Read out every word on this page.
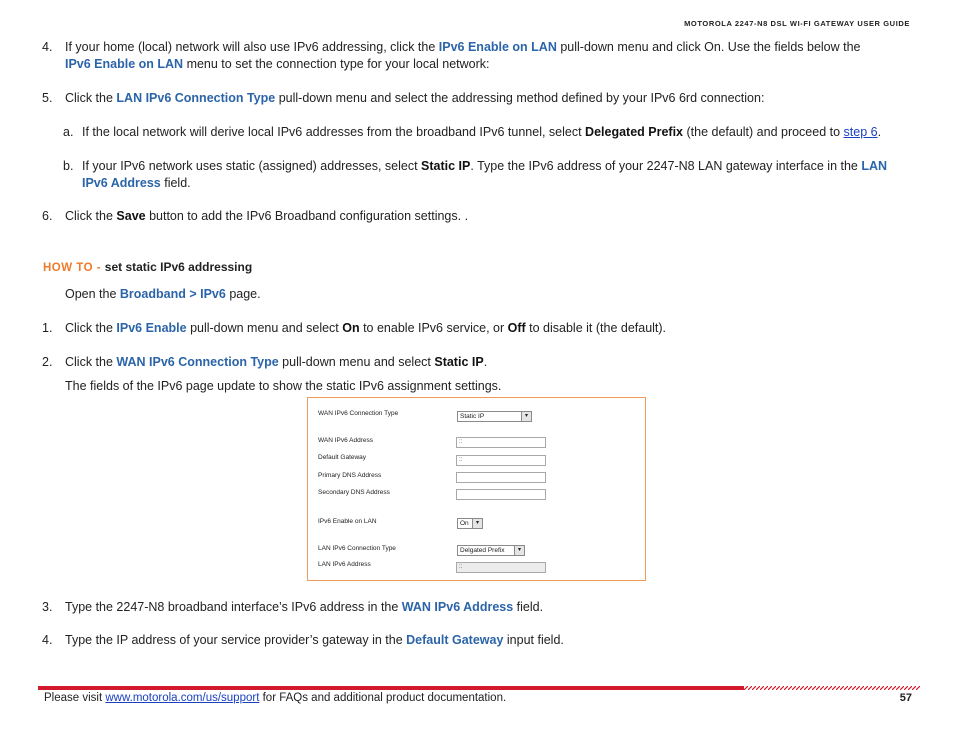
MOTOROLA 2247-N8 DSL WI-FI GATEWAY USER GUIDE
4.	If your home (local) network will also use IPv6 addressing, click the IPv6 Enable on LAN pull-down menu and click On. Use the fields below the
IPv6 Enable on LAN menu to set the connection type for your local network:
5.	Click the LAN IPv6 Connection Type pull-down menu and select the addressing method defined by your IPv6 6rd connection:
a. If the local network will derive local IPv6 addresses from the broadband IPv6 tunnel, select Delegated Prefix (the default) and proceed to step 6.
b. If your IPv6 network uses static (assigned) addresses, select Static IP. Type the IPv6 address of your 2247-N8 LAN gateway interface in the LAN
IPv6 Address field.
6.	Click the Save button to add the IPv6 Broadband configuration settings. .
HOW TO - set static IPv6 addressing
Open the Broadband > IPv6 page.
1.	Click the IPv6 Enable pull-down menu and select On to enable IPv6 service, or Off to disable it (the default).
2.	Click the WAN IPv6 Connection Type pull-down menu and select Static IP.
The fields of the IPv6 page update to show the static IPv6 assignment settings.
WAN IPv6 Connection Type	Static IP	▾
WAN IPv6 Address	::
Default Gateway	::
Primary DNS Address
Secondary DNS Address
IPv6 Enable on LAN	On	▾
LAN IPv6 Connection Type	Delgated Prefix	▾
LAN IPv6 Address	::
3.	Type the 2247-N8 broadband interface’s IPv6 address in the WAN IPv6 Address field.
4.	Type the IP address of your service provider’s gateway in the Default Gateway input field.
Please visit www.motorola.com/us/support for FAQs and additional product documentation.	57
